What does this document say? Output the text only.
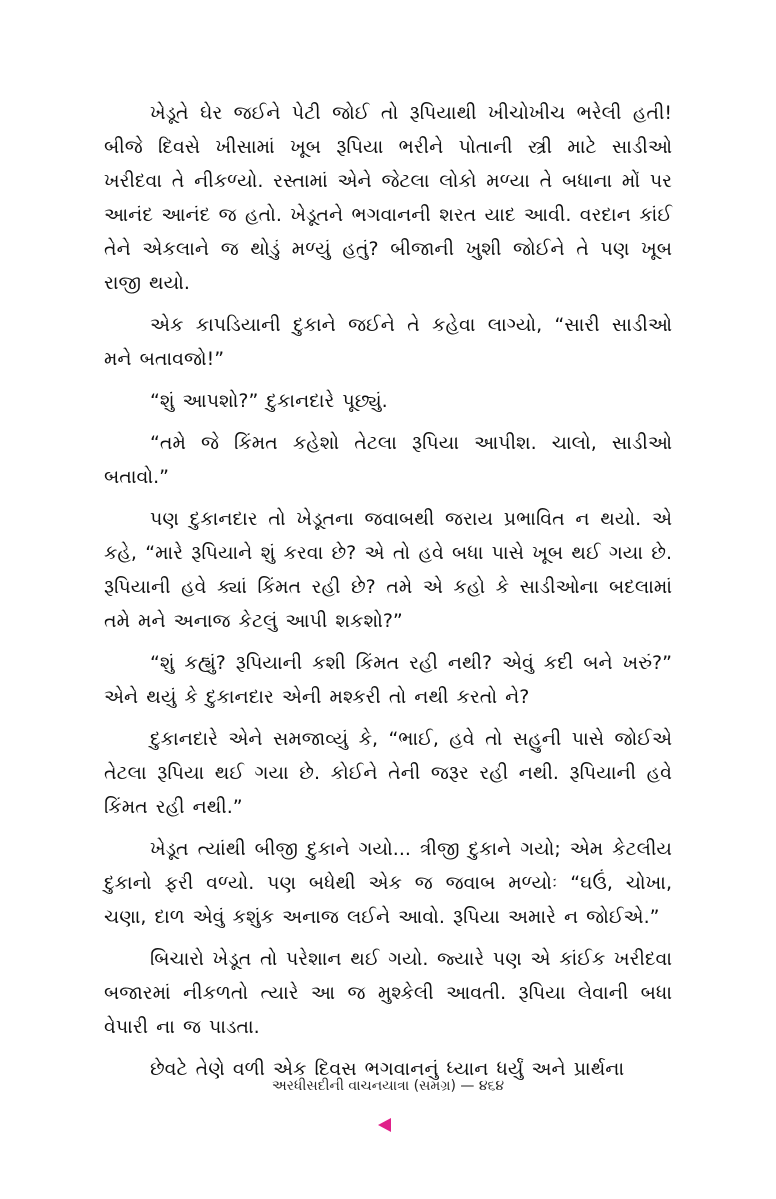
ખેડૂતે ઘેર જઈને પેટી જોઈ તો રૂપિયાથી ખીચોખીચ ભરેલી હતી! બીજે દિવસે ખીસામાં ખૂબ રૂપિયા ભરીને પોતાની સ્ત્રી માટે સાડીઓ ખરીદવા તે નીકળ્યો. રસ્તામાં એને જેટલા લોકો મળ્યા તે બધાના મોં પર આનંદ આનંદ જ હતો. ખેડૂતને ભગવાનની શરત યાદ આવી. વરદાન કાંઈ તેને એકલાને જ થોડું મળ્યું હતું? બીજાની ખુશી જોઈને તે પણ ખૂબ રાજી થયો.

એક કાપડિયાની દુકાને જઈને તે કહેવા લાગ્યો, “સારી સાડીઓ મને બતાવજો!”

“શું આપશો?” દુકાનદારે પૂછ્યું.

“તમે જે કિંમત કહેશો તેટલા રૂપિયા આપીશ. ચાલો, સાડીઓ બતાવો.”

પણ દુકાનદાર તો ખેડૂતના જવાબથી જરાય પ્રભાવિત ન થયો. એ કહે, “મારે રૂપિયાને શું કરવા છે? એ તો હવે બધા પાસે ખૂબ થઈ ગયા છે. રૂપિયાની હવે ક્યાં કિંમત રહી છે? તમે એ કહો કે સાડીઓના બદલામાં તમે મને અનાજ કેટલું આપી શકશો?”

“શું કહ્યું? રૂપિયાની કશી કિંમત રહી નથી? એવું કદી બને ખરું?” એને થયું કે દુકાનદાર એની મશ્કરી તો નથી કરતો ને?

દુકાનદારે એને સમજાવ્યું કે, “ભાઈ, હવે તો સહુની પાસે જોઈએ તેટલા રૂપિયા થઈ ગયા છે. કોઈને તેની જરૂર રહી નથી. રૂપિયાની હવે કિંમત રહી નથી.”

ખેડૂત ત્યાંથી બીજી દુકાને ગયો... ત્રીજી દુકાને ગયો; એમ કેટલીય દુકાનો ફરી વળ્યો. પણ બધેથી એક જ જવાબ મળ્યોઃ “ઘઉં, ચોખા, ચણા, દાળ એવું કશુંક અનાજ લઈને આવો. રૂપિયા અમારે ન જોઈએ.”

બિચારો ખેડૂત તો પરેશાન થઈ ગયો. જ્યારે પણ એ કાંઈક ખરીદવા બજારમાં નીકળતો ત્યારે આ જ મુશ્કેલી આવતી. રૂપિયા લેવાની બધા વેપારી ના જ પાડતા.

છેવટે તેણે વળી એક દિવસ ભગવાનનું ધ્યાન ધર્યું અને પ્રાર્થના

અરધીસદીની વાચનયાત્રા (સમગ્ર) — ૪૬૪
